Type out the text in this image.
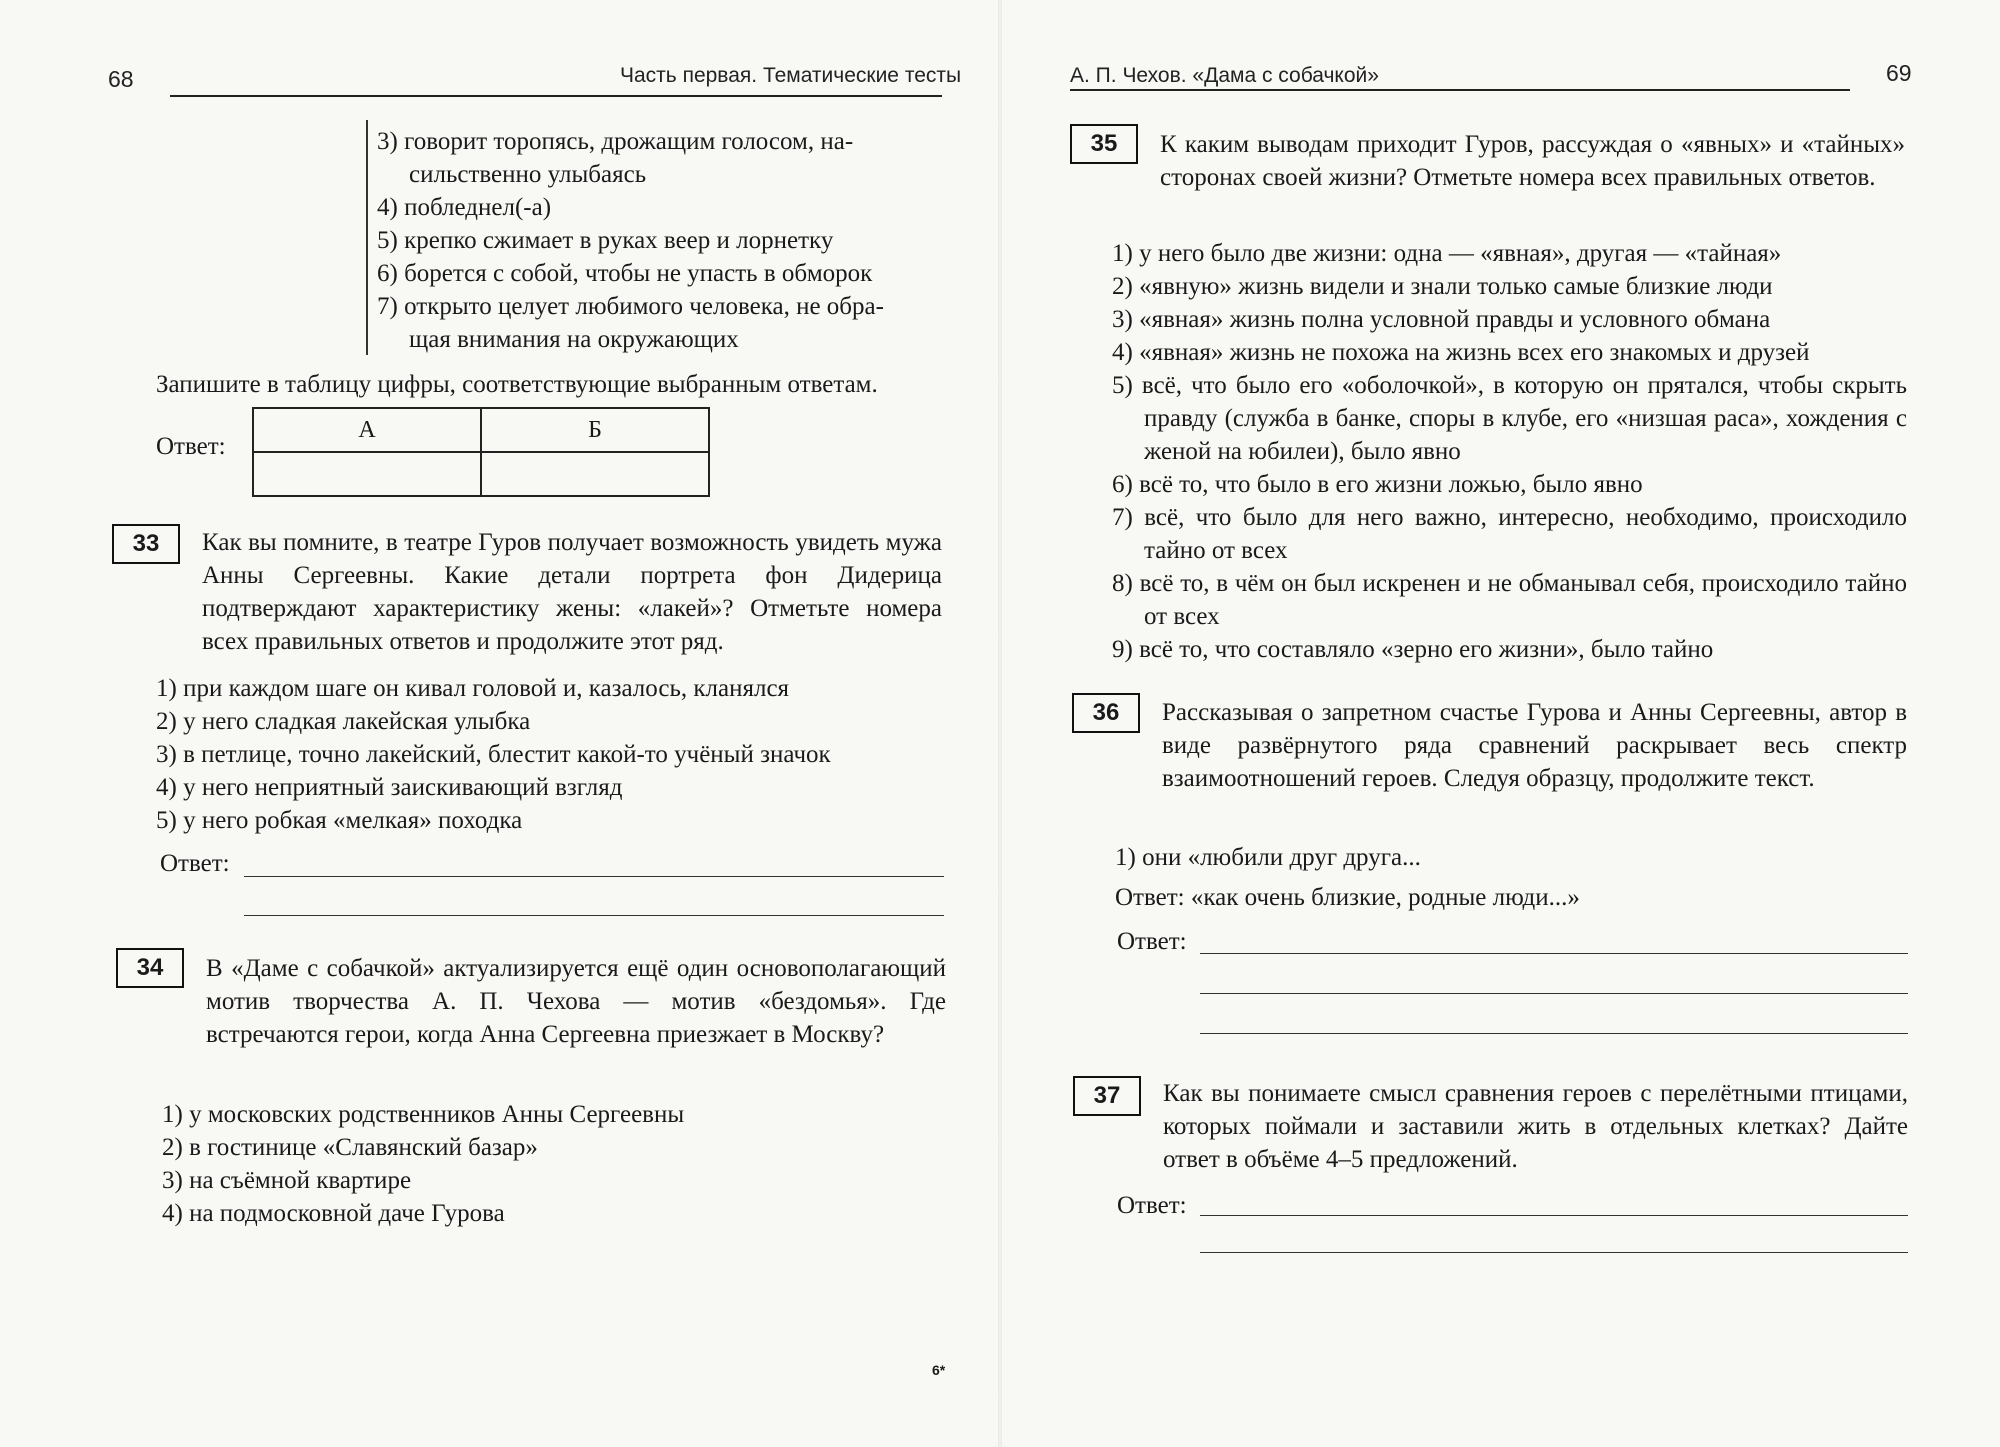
68	Часть первая. Тематические тесты

3) говорит торопясь, дрожащим голосом, на-

сильственно улыбаясь

4) побледнел(-а)

5) крепко сжимает в руках веер и лорнетку

6) борется с собой, чтобы не упасть в обморок

7) открыто целует любимого человека, не обра-

щая внимания на окружающих

Запишите в таблицу цифры, соответствующие выбранным ответам.
Ответ:
А	Б

33	Как вы помните, в театре Гуров получает возможность увидеть мужа Анны Сергеевны. Какие детали портрета фон Дидерица подтверждают характеристику жены: «лакей»? Отметьте номера всех правильных ответов и продолжите этот ряд.
1) при каждом шаге он кивал головой и, казалось, кланялся
2) у него сладкая лакейская улыбка
3) в петлице, точно лакейский, блестит какой-то учёный значок
4) у него неприятный заискивающий взгляд
5) у него робкая «мелкая» походка
Ответ:
34	В «Даме с собачкой» актуализируется ещё один основополагающий мотив творчества А. П. Чехова — мотив «бездомья». Где встречаются герои, когда Анна Сергеевна приезжает в Москву?
1) у московских родственников Анны Сергеевны
2) в гостинице «Славянский базар»
3) на съёмной квартире
4) на подмосковной даче Гурова
6*
А. П. Чехов. «Дама с собачкой»	69
35	К каким выводам приходит Гуров, рассуждая о «явных» и «тайных» сторонах своей жизни? Отметьте номера всех правильных ответов.
1) у него было две жизни: одна — «явная», другая — «тайная»
2) «явную» жизнь видели и знали только самые близкие люди
3) «явная» жизнь полна условной правды и условного обмана
4) «явная» жизнь не похожа на жизнь всех его знакомых и друзей
5) всё, что было его «оболочкой», в которую он прятался, чтобы скрыть правду (служба в банке, споры в клубе, его «низшая раса», хождения с женой на юбилеи), было явно
6) всё то, что было в его жизни ложью, было явно
7) всё, что было для него важно, интересно, необходимо, происходило тайно от всех
8) всё то, в чём он был искренен и не обманывал себя, происходило тайно от всех
9) всё то, что составляло «зерно его жизни», было тайно
36	Рассказывая о запретном счастье Гурова и Анны Сергеевны, автор в виде развёрнутого ряда сравнений раскрывает весь спектр взаимоотношений героев. Следуя образцу, продолжите текст.
1) они «любили друг друга...
Ответ: «как очень близкие, родные люди...»
Ответ:
37	Как вы понимаете смысл сравнения героев с перелётными птицами, которых поймали и заставили жить в отдельных клетках? Дайте ответ в объёме 4–5 предложений.
Ответ:
